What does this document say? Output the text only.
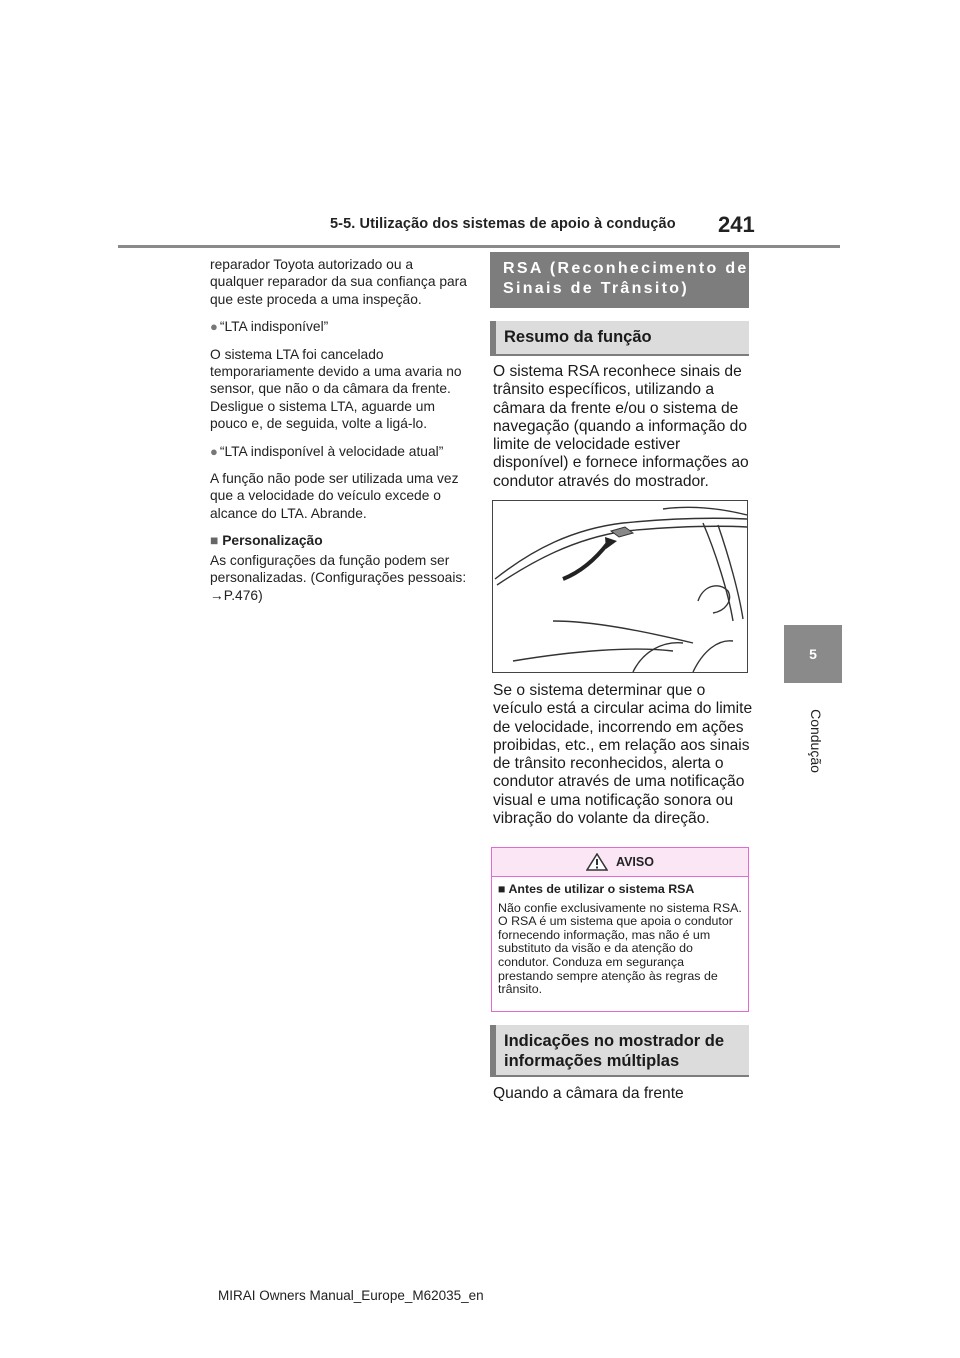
5-5. Utilização dos sistemas de apoio à condução 241
5
Condução

reparador Toyota autorizado ou a qualquer reparador da sua confiança para que este proceda a uma inspeção.

● “LTA indisponível”

O sistema LTA foi cancelado temporariamente devido a uma avaria no sensor, que não o da câmara da frente. Desligue o sistema LTA, aguarde um pouco e, de seguida, volte a ligá-lo.

● “LTA indisponível à velocidade atual”

A função não pode ser utilizada uma vez que a velocidade do veículo excede o alcance do LTA. Abrande.

■ Personalização

As configurações da função podem ser personalizadas. (Configurações pessoais: →P.476)

RSA (Reconhecimento de Sinais de Trânsito)
Resumo da função

O sistema RSA reconhece sinais de trânsito específicos, utilizando a câmara da frente e/ou o sistema de navegação (quando a informação do limite de velocidade estiver disponível) e fornece informações ao condutor através do mostrador.

Se o sistema determinar que o veículo está a circular acima do limite de velocidade, incorrendo em ações proibidas, etc., em relação aos sinais de trânsito reconhecidos, alerta o condutor através de uma notificação visual e uma notificação sonora ou vibração do volante da direção.

AVISO
■ Antes de utilizar o sistema RSA
Não confie exclusivamente no sistema RSA. O RSA é um sistema que apoia o condutor fornecendo informação, mas não é um substituto da visão e da atenção do condutor. Conduza em segurança prestando sempre atenção às regras de trânsito.
Indicações no mostrador de informações múltiplas

Quando a câmara da frente

MIRAI Owners Manual_Europe_M62035_en
